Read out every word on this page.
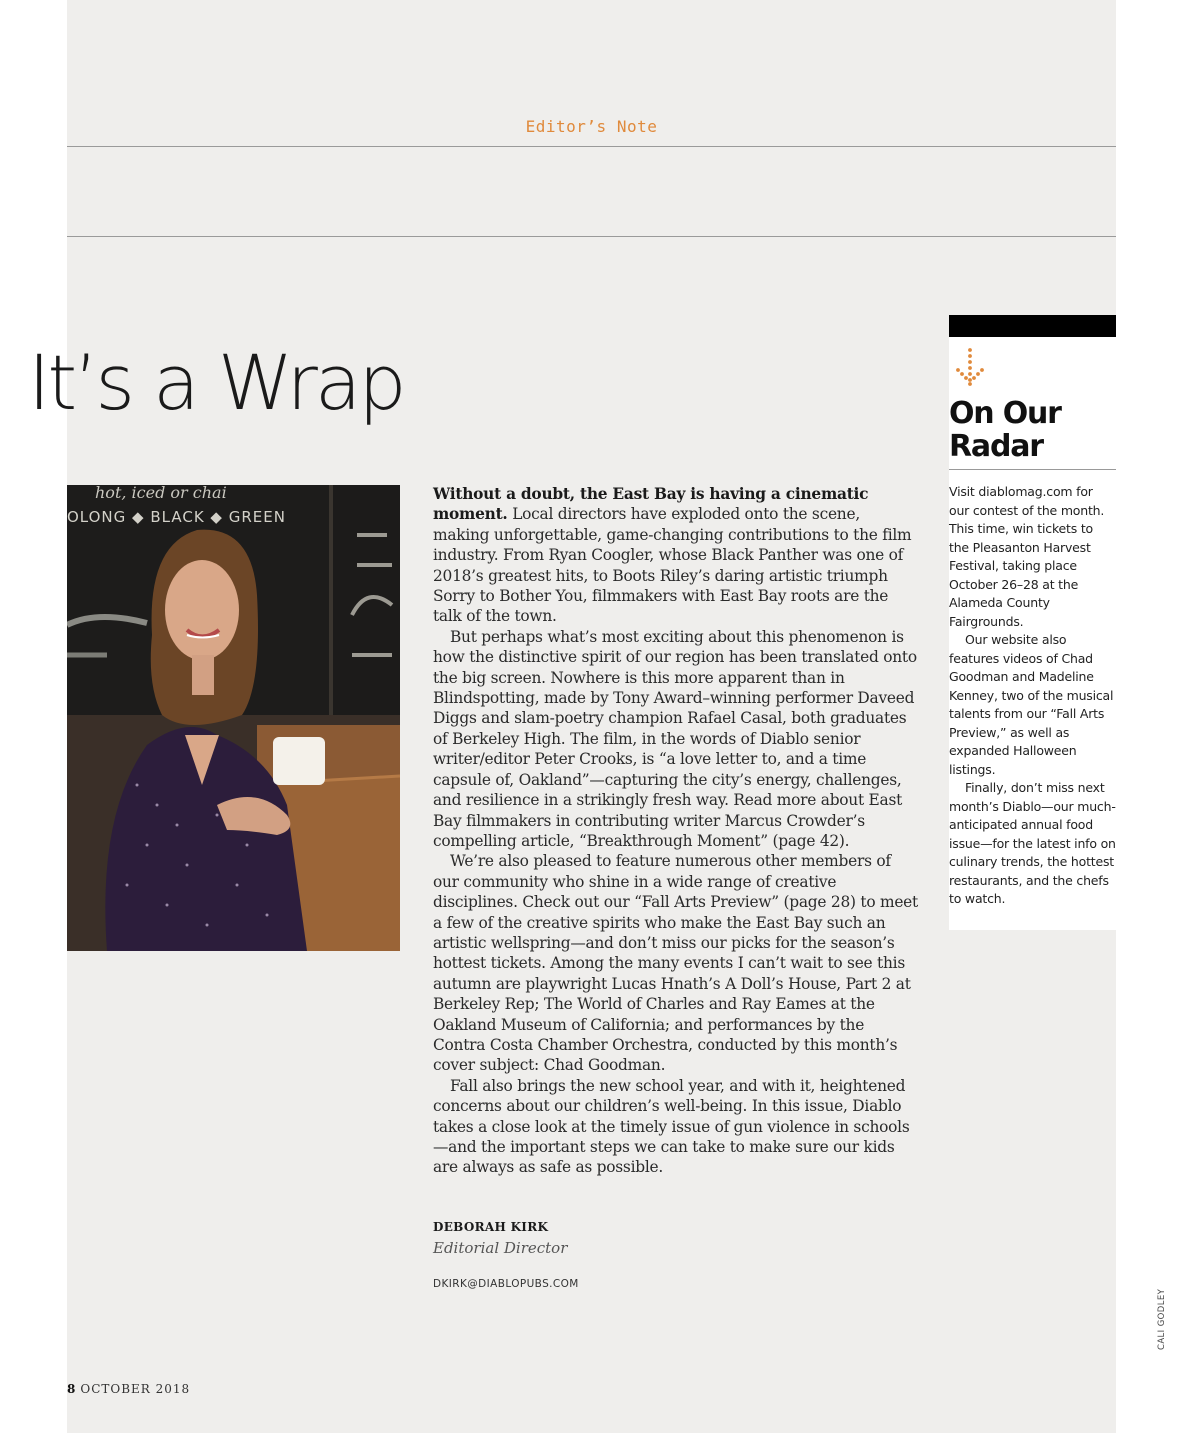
Editor’s Note
It’s a Wrap
hot, iced or chai
OLONG ◆ BLACK ◆ GREEN

Without a doubt, the East Bay is having a cinematic moment. Local directors have exploded onto the scene, making unforgettable, game-changing contributions to the film industry. From Ryan Coogler, whose Black Panther was one of 2018’s greatest hits, to Boots Riley’s daring artistic triumph Sorry to Bother You, filmmakers with East Bay roots are the talk of the town.

But perhaps what’s most exciting about this phenomenon is how the distinctive spirit of our region has been translated onto the big screen. Nowhere is this more apparent than in Blindspotting, made by Tony Award–winning performer Daveed Diggs and slam-poetry champion Rafael Casal, both graduates of Berkeley High. The film, in the words of Diablo senior writer/editor Peter Crooks, is “a love letter to, and a time capsule of, Oakland”—capturing the city’s energy, challenges, and resilience in a strikingly fresh way. Read more about East Bay filmmakers in contributing writer Marcus Crowder’s compelling article, “Breakthrough Moment” (page 42).

We’re also pleased to feature numerous other members of our community who shine in a wide range of creative disciplines. Check out our “Fall Arts Preview” (page 28) to meet a few of the creative spirits who make the East Bay such an artistic wellspring—and don’t miss our picks for the season’s hottest tickets. Among the many events I can’t wait to see this autumn are playwright Lucas Hnath’s A Doll’s House, Part 2 at Berkeley Rep; The World of Charles and Ray Eames at the Oakland Museum of California; and performances by the Contra Costa Chamber Orchestra, conducted by this month’s cover subject: Chad Goodman.

Fall also brings the new school year, and with it, heightened concerns about our children’s well-being. In this issue, Diablo takes a close look at the timely issue of gun violence in schools—and the important steps we can take to make sure our kids are always as safe as possible.

DEBORAH KIRK
Editorial Director
DKIRK@DIABLOPUBS.COM
On Our Radar

Visit diablomag.com for our contest of the month. This time, win tickets to the Pleasanton Harvest Festival, taking place October 26–28 at the Alameda County Fairgrounds.

Our website also features videos of Chad Goodman and Madeline Kenney, two of the musical talents from our “Fall Arts Preview,” as well as expanded Halloween listings.

Finally, don’t miss next month’s Diablo—our much-anticipated annual food issue—for the latest info on culinary trends, the hottest restaurants, and the chefs to watch.

CALI GODLEY
8 OCTOBER 2018
